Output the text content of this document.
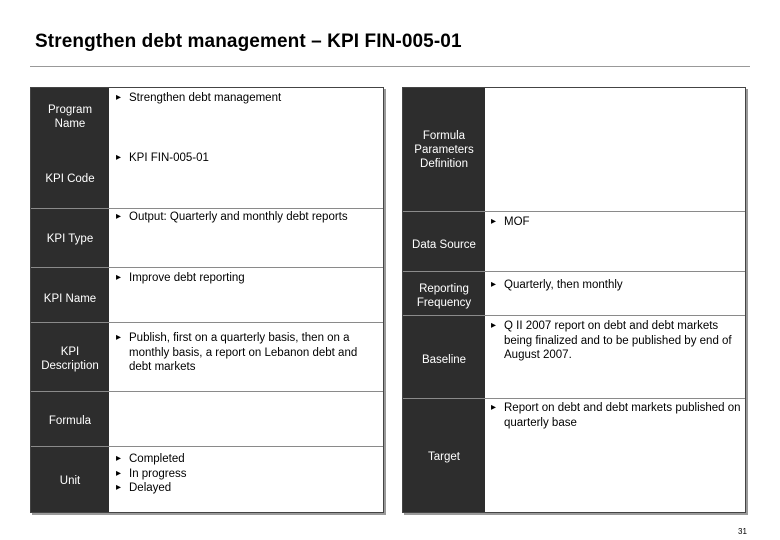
Strengthen debt management – KPI FIN-005-01
Program
Name
KPI Code
KPI Type
KPI Name
KPI
Description
Formula
Unit
▸ Strengthen debt management
▸ KPI FIN-005-01
▸ Output: Quarterly and monthly debt reports
▸ Improve debt reporting
▸ Publish, first on a quarterly basis, then on a monthly basis, a report on Lebanon debt and debt markets
▸ Completed
▸ In progress
▸ Delayed
Formula
Parameters
Definition
Data Source
Reporting
Frequency
Baseline
Target
▸ MOF
▸ Quarterly, then monthly
▸ Q II 2007 report on debt and debt markets being finalized and to be published by end of August 2007.
▸ Report on debt and debt markets published on quarterly base
31
